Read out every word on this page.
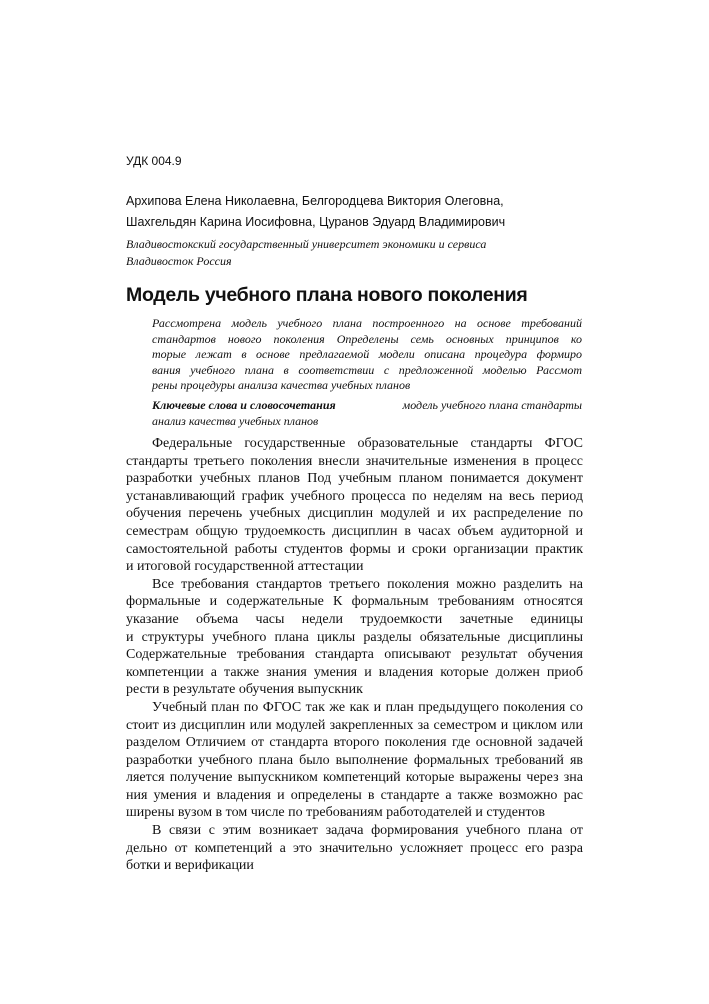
УДК 004.9
Архипова Елена Николаевна, Белгородцева Виктория Олеговна,
Шахгельдян Карина Иосифовна, Цуранов Эдуард Владимирович
Владивостокский государственный университет экономики и сервиса
Владивосток Россия
Модель учебного плана нового поколения
Рассмотрена модель учебного плана построенного на основе требований
стандартов нового поколения Определены семь основных принципов ко
торые лежат в основе предлагаемой модели описана процедура формиро
вания учебного плана в соответствии с предложенной моделью Рассмот
рены процедуры анализа качества учебных планов
Ключевые слова и словосочетания	модель учебного плана стандарты
анализ качества учебных планов
Федеральные государственные образовательные стандарты ФГОС
стандарты третьего поколения внесли значительные изменения в процесс
разработки учебных планов Под учебным планом понимается документ
устанавливающий график учебного процесса по неделям на весь период
обучения перечень учебных дисциплин модулей и их распределение по
семестрам общую трудоемкость дисциплин в часах объем аудиторной и
самостоятельной работы студентов формы и сроки организации практик
и итоговой государственной аттестации
Все требования стандартов третьего поколения можно разделить на
формальные и содержательные К формальным требованиям относятся
указание объема часы недели трудоемкости зачетные единицы
и структуры учебного плана циклы разделы обязательные дисциплины
Содержательные требования стандарта описывают результат обучения
компетенции а также знания умения и владения которые должен приоб
рести в результате обучения выпускник
Учебный план по ФГОС так же как и план предыдущего поколения со
стоит из дисциплин или модулей закрепленных за семестром и циклом или
разделом Отличием от стандарта второго поколения где основной задачей
разработки учебного плана было выполнение формальных требований яв
ляется получение выпускником компетенций которые выражены через зна
ния умения и владения и определены в стандарте а также возможно рас
ширены вузом в том числе по требованиям работодателей и студентов
В связи с этим возникает задача формирования учебного плана от
дельно от компетенций а это значительно усложняет процесс его разра
ботки и верификации
